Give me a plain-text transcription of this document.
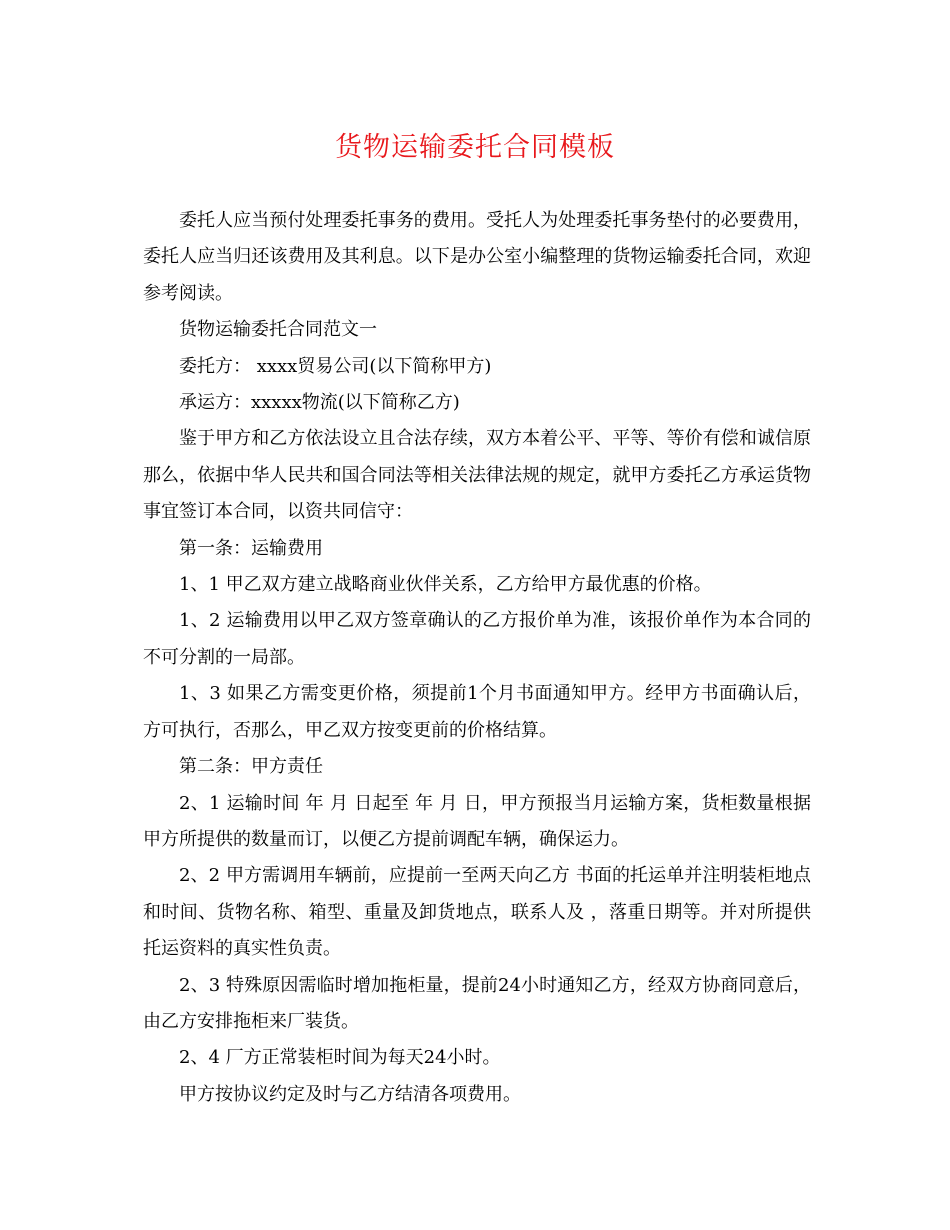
货物运输委托合同模板

委托人应当预付处理委托事务的费用。受托人为处理委托事务垫付的必要费用，委托人应当归还该费用及其利息。以下是办公室小编整理的货物运输委托合同，欢迎参考阅读。

货物运输委托合同范文一

委托方： xxxx贸易公司(以下简称甲方)

承运方：xxxxx物流(以下简称乙方)

鉴于甲方和乙方依法设立且合法存续，双方本着公平、平等、等价有偿和诚信原那么，依据中华人民共和国合同法等相关法律法规的规定，就甲方委托乙方承运货物事宜签订本合同，以资共同信守：

第一条：运输费用

1、1 甲乙双方建立战略商业伙伴关系，乙方给甲方最优惠的价格。

1、2 运输费用以甲乙双方签章确认的乙方报价单为准，该报价单作为本合同的不可分割的一局部。

1、3 如果乙方需变更价格，须提前1个月书面通知甲方。经甲方书面确认后，方可执行，否那么，甲乙双方按变更前的价格结算。

第二条：甲方责任

2、1 运输时间 年 月 日起至 年 月 日，甲方预报当月运输方案，货柜数量根据甲方所提供的数量而订，以便乙方提前调配车辆，确保运力。

2、2 甲方需调用车辆前，应提前一至两天向乙方 书面的托运单并注明装柜地点和时间、货物名称、箱型、重量及卸货地点，联系人及 ，落重日期等。并对所提供托运资料的真实性负责。

2、3 特殊原因需临时增加拖柜量，提前24小时通知乙方，经双方协商同意后，由乙方安排拖柜来厂装货。

2、4 厂方正常装柜时间为每天24小时。

甲方按协议约定及时与乙方结清各项费用。
